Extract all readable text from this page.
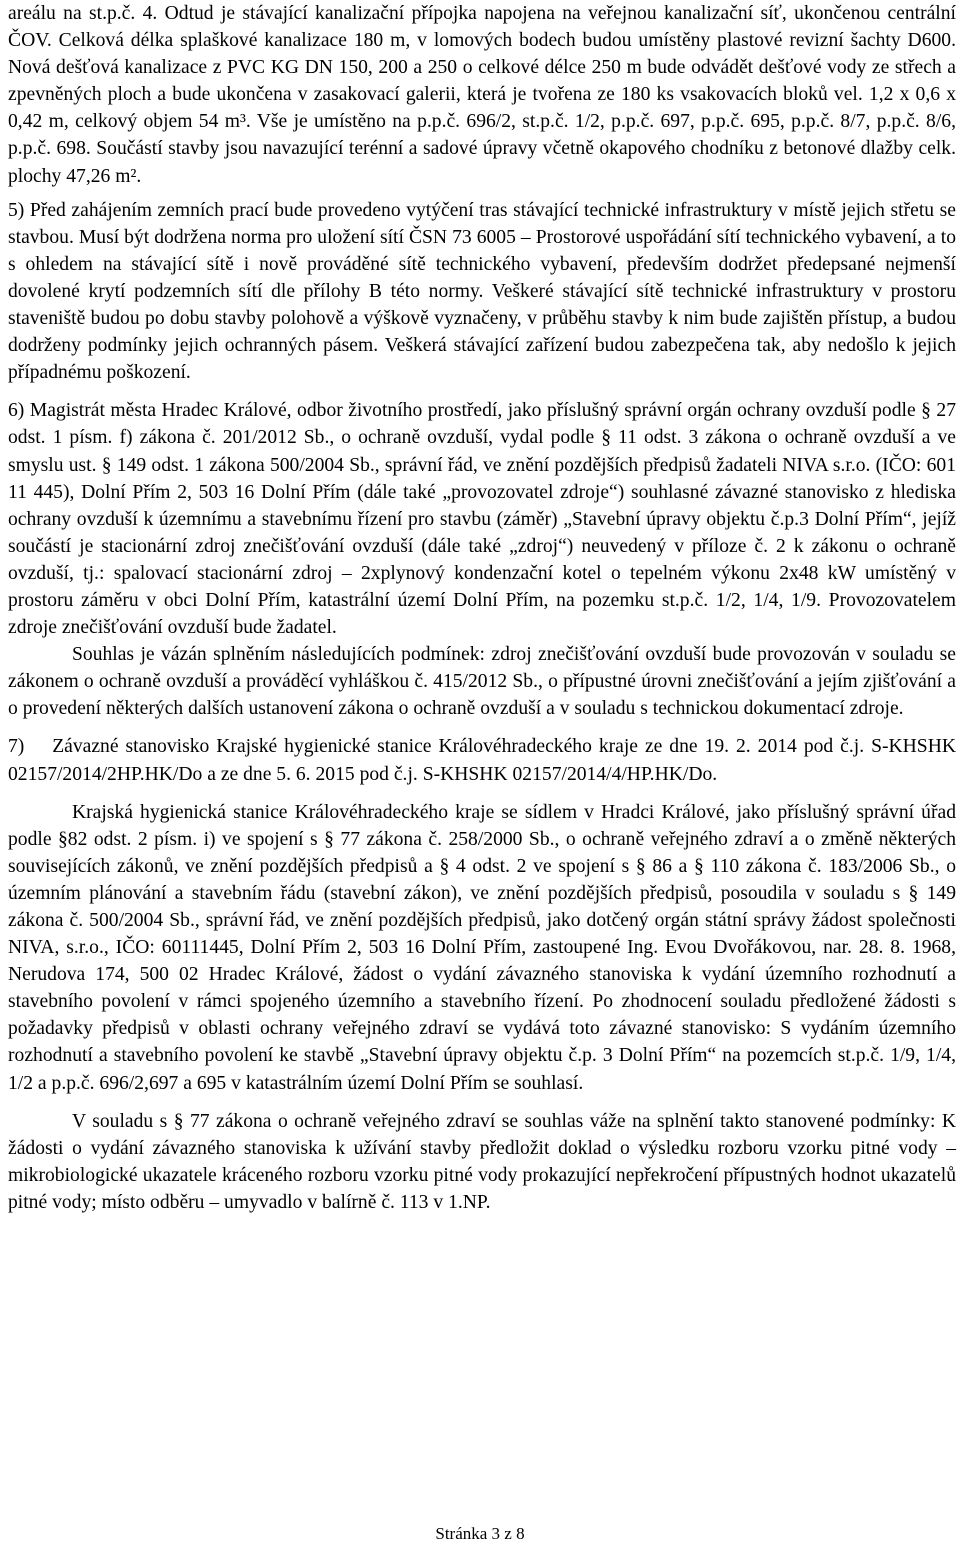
areálu na st.p.č. 4. Odtud je stávající kanalizační přípojka napojena na veřejnou kanalizační síť, ukončenou centrální ČOV. Celková délka splaškové kanalizace 180 m, v lomových bodech budou umístěny plastové revizní šachty D600. Nová dešťová kanalizace z PVC KG DN 150, 200 a 250 o celkové délce 250 m bude odvádět dešťové vody ze střech a zpevněných ploch a bude ukončena v zasakovací galerii, která je tvořena ze 180 ks vsakovacích bloků vel. 1,2 x 0,6 x 0,42 m, celkový objem 54 m³. Vše je umístěno na p.p.č. 696/2, st.p.č. 1/2, p.p.č. 697, p.p.č. 695, p.p.č. 8/7, p.p.č. 8/6, p.p.č. 698. Součástí stavby jsou navazující terénní a sadové úpravy včetně okapového chodníku z betonové dlažby celk. plochy 47,26 m².

5) Před zahájením zemních prací bude provedeno vytýčení tras stávající technické infrastruktury v místě jejich střetu se stavbou. Musí být dodržena norma pro uložení sítí ČSN 73 6005 – Prostorové uspořádání sítí technického vybavení, a to s ohledem na stávající sítě i nově prováděné sítě technického vybavení, především dodržet předepsané nejmenší dovolené krytí podzemních sítí dle přílohy B této normy. Veškeré stávající sítě technické infrastruktury v prostoru staveniště budou po dobu stavby polohově a výškově vyznačeny, v průběhu stavby k nim bude zajištěn přístup, a budou dodrženy podmínky jejich ochranných pásem. Veškerá stávající zařízení budou zabezpečena tak, aby nedošlo k jejich případnému poškození.

6) Magistrát města Hradec Králové, odbor životního prostředí, jako příslušný správní orgán ochrany ovzduší podle § 27 odst. 1 písm. f) zákona č. 201/2012 Sb., o ochraně ovzduší, vydal podle § 11 odst. 3 zákona o ochraně ovzduší a ve smyslu ust. § 149 odst. 1 zákona 500/2004 Sb., správní řád, ve znění pozdějších předpisů žadateli NIVA s.r.o. (IČO: 601 11 445), Dolní Přím 2, 503 16 Dolní Přím (dále také „provozovatel zdroje“) souhlasné závazné stanovisko z hlediska ochrany ovzduší k územnímu a stavebnímu řízení pro stavbu (záměr) „Stavební úpravy objektu č.p.3 Dolní Přím“, jejíž součástí je stacionární zdroj znečišťování ovzduší (dále také „zdroj“) neuvedený v příloze č. 2 k zákonu o ochraně ovzduší, tj.: spalovací stacionární zdroj – 2xplynový kondenzační kotel o tepelném výkonu 2x48 kW umístěný v prostoru záměru v obci Dolní Přím, katastrální území Dolní Přím, na pozemku st.p.č. 1/2, 1/4, 1/9. Provozovatelem zdroje znečišťování ovzduší bude žadatel.

Souhlas je vázán splněním následujících podmínek: zdroj znečišťování ovzduší bude provozován v souladu se zákonem o ochraně ovzduší a prováděcí vyhláškou č. 415/2012 Sb., o přípustné úrovni znečišťování a jejím zjišťování a o provedení některých dalších ustanovení zákona o ochraně ovzduší a v souladu s technickou dokumentací zdroje.

7) Závazné stanovisko Krajské hygienické stanice Královéhradeckého kraje ze dne 19. 2. 2014 pod č.j. S-KHSHK 02157/2014/2HP.HK/Do a ze dne 5. 6. 2015 pod č.j. S-KHSHK 02157/2014/4/HP.HK/Do.

Krajská hygienická stanice Královéhradeckého kraje se sídlem v Hradci Králové, jako příslušný správní úřad podle §82 odst. 2 písm. i) ve spojení s § 77 zákona č. 258/2000 Sb., o ochraně veřejného zdraví a o změně některých souvisejících zákonů, ve znění pozdějších předpisů a § 4 odst. 2 ve spojení s § 86 a § 110 zákona č. 183/2006 Sb., o územním plánování a stavebním řádu (stavební zákon), ve znění pozdějších předpisů, posoudila v souladu s § 149 zákona č. 500/2004 Sb., správní řád, ve znění pozdějších předpisů, jako dotčený orgán státní správy žádost společnosti NIVA, s.r.o., IČO: 60111445, Dolní Přím 2, 503 16 Dolní Přím, zastoupené Ing. Evou Dvořákovou, nar. 28. 8. 1968, Nerudova 174, 500 02 Hradec Králové, žádost o vydání závazného stanoviska k vydání územního rozhodnutí a stavebního povolení v rámci spojeného územního a stavebního řízení. Po zhodnocení souladu předložené žádosti s požadavky předpisů v oblasti ochrany veřejného zdraví se vydává toto závazné stanovisko: S vydáním územního rozhodnutí a stavebního povolení ke stavbě „Stavební úpravy objektu č.p. 3 Dolní Přím“ na pozemcích st.p.č. 1/9, 1/4, 1/2 a p.p.č. 696/2,697 a 695 v katastrálním území Dolní Přím se souhlasí.

V souladu s § 77 zákona o ochraně veřejného zdraví se souhlas váže na splnění takto stanovené podmínky: K žádosti o vydání závazného stanoviska k užívání stavby předložit doklad o výsledku rozboru vzorku pitné vody – mikrobiologické ukazatele kráceného rozboru vzorku pitné vody prokazující nepřekročení přípustných hodnot ukazatelů pitné vody; místo odběru – umyvadlo v balírně č. 113 v 1.NP.

Stránka 3 z 8
